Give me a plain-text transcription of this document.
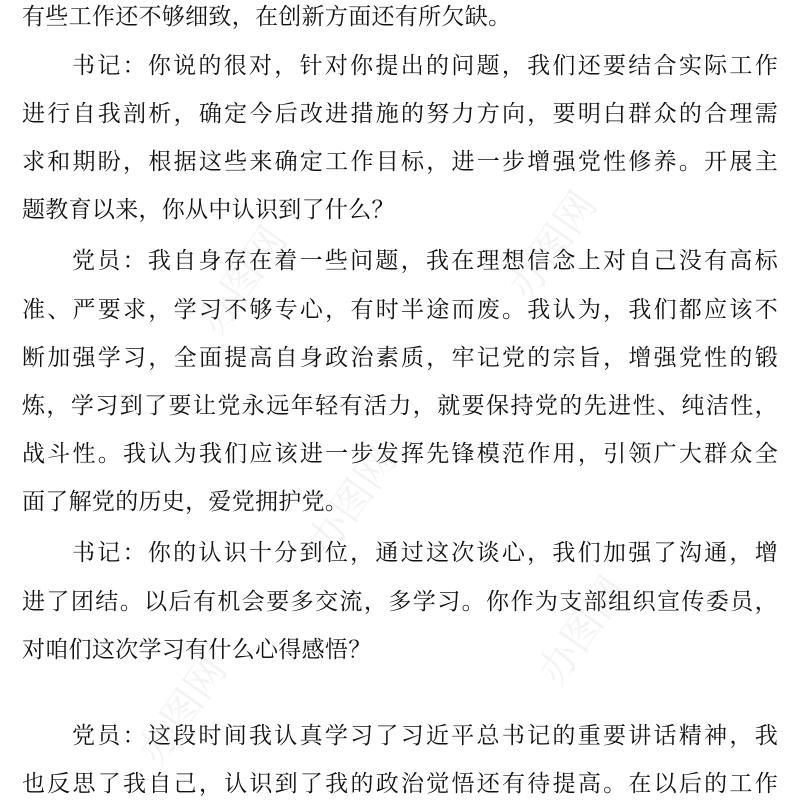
有些工作还不够细致，在创新方面还有所欠缺。
书记：你说的很对，针对你提出的问题，我们还要结合实际工作
进行自我剖析，确定今后改进措施的努力方向，要明白群众的合理需
求和期盼，根据这些来确定工作目标，进一步增强党性修养。开展主
题教育以来，你从中认识到了什么？
党员：我自身存在着一些问题，我在理想信念上对自己没有高标
准、严要求，学习不够专心，有时半途而废。我认为，我们都应该不
断加强学习，全面提高自身政治素质，牢记党的宗旨，增强党性的锻
炼，学习到了要让党永远年轻有活力，就要保持党的先进性、纯洁性，
战斗性。我认为我们应该进一步发挥先锋模范作用，引领广大群众全
面了解党的历史，爱党拥护党。
书记：你的认识十分到位，通过这次谈心，我们加强了沟通，增
进了团结。以后有机会要多交流，多学习。你作为支部组织宣传委员，
对咱们这次学习有什么心得感悟？
党员：这段时间我认真学习了习近平总书记的重要讲话精神，我
也反思了我自己，认识到了我的政治觉悟还有待提高。在以后的工作
办图网	办图网
办图网
办图网
办图网
